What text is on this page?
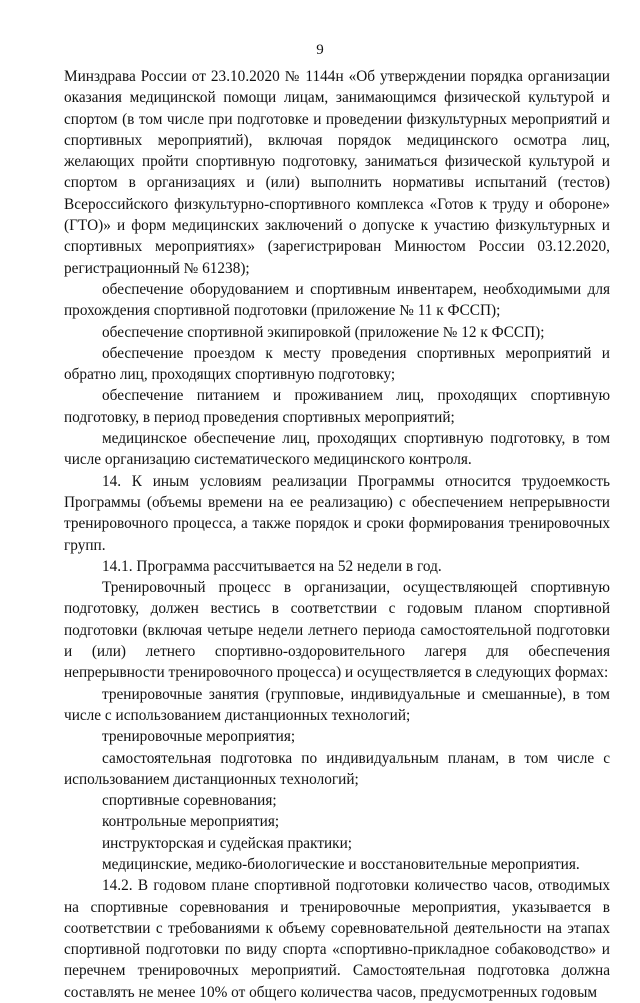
9

Минздрава России от 23.10.2020 № 1144н «Об утверждении порядка организации оказания медицинской помощи лицам, занимающимся физической культурой и спортом (в том числе при подготовке и проведении физкультурных мероприятий и спортивных мероприятий), включая порядок медицинского осмотра лиц, желающих пройти спортивную подготовку, заниматься физической культурой и спортом в организациях и (или) выполнить нормативы испытаний (тестов) Всероссийского физкультурно-спортивного комплекса «Готов к труду и обороне» (ГТО)» и форм медицинских заключений о допуске к участию физкультурных и спортивных мероприятиях» (зарегистрирован Минюстом России 03.12.2020, регистрационный № 61238);

обеспечение оборудованием и спортивным инвентарем, необходимыми для прохождения спортивной подготовки (приложение № 11 к ФССП);

обеспечение спортивной экипировкой (приложение № 12 к ФССП);

обеспечение проездом к месту проведения спортивных мероприятий и обратно лиц, проходящих спортивную подготовку;

обеспечение питанием и проживанием лиц, проходящих спортивную подготовку, в период проведения спортивных мероприятий;

медицинское обеспечение лиц, проходящих спортивную подготовку, в том числе организацию систематического медицинского контроля.

14. К иным условиям реализации Программы относится трудоемкость Программы (объемы времени на ее реализацию) с обеспечением непрерывности тренировочного процесса, а также порядок и сроки формирования тренировочных групп.

14.1. Программа рассчитывается на 52 недели в год.

Тренировочный процесс в организации, осуществляющей спортивную подготовку, должен вестись в соответствии с годовым планом спортивной подготовки (включая четыре недели летнего периода самостоятельной подготовки и (или) летнего спортивно-оздоровительного лагеря для обеспечения непрерывности тренировочного процесса) и осуществляется в следующих формах:

тренировочные занятия (групповые, индивидуальные и смешанные), в том числе с использованием дистанционных технологий;

тренировочные мероприятия;

самостоятельная подготовка по индивидуальным планам, в том числе с использованием дистанционных технологий;

спортивные соревнования;

контрольные мероприятия;

инструкторская и судейская практики;

медицинские, медико-биологические и восстановительные мероприятия.

14.2. В годовом плане спортивной подготовки количество часов, отводимых на спортивные соревнования и тренировочные мероприятия, указывается в соответствии с требованиями к объему соревновательной деятельности на этапах спортивной подготовки по виду спорта «спортивно-прикладное собаководство» и перечнем тренировочных мероприятий. Самостоятельная подготовка должна составлять не менее 10% от общего количества часов, предусмотренных годовым
